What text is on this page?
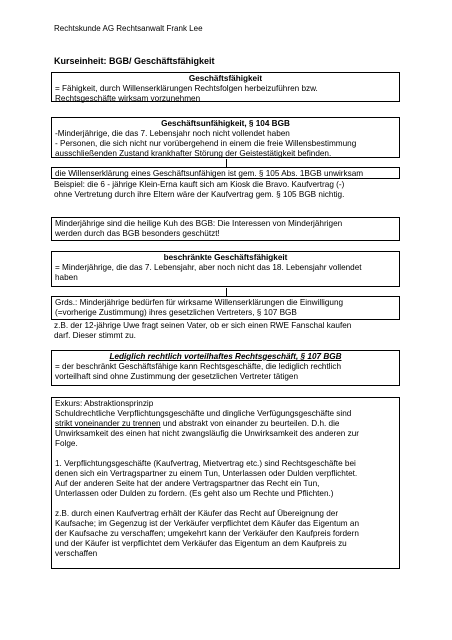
Rechtskunde AG Rechtsanwalt Frank Lee
Kurseinheit: BGB/ Geschäftsfähigkeit
Geschäftsfähigkeit
= Fähigkeit, durch Willenserklärungen Rechtsfolgen herbeizuführen bzw.
Rechtsgeschäfte wirksam vorzunehmen
Geschäftsunfähigkeit, § 104 BGB
-Minderjährige, die das 7. Lebensjahr noch nicht vollendet haben
- Personen, die sich nicht nur vorübergehend in einem die freie Willensbestimmung
ausschließenden Zustand krankhafter Störung der Geistestätigkeit befinden.
die Willenserklärung eines Geschäftsunfähigen ist gem. § 105 Abs. 1BGB unwirksam
Beispiel: die 6 - jährige Klein-Erna kauft sich am Kiosk die Bravo. Kaufvertrag (-)
ohne Vertretung durch ihre Eltern wäre der Kaufvertrag gem. § 105 BGB nichtig.
Minderjährige sind die heilige Kuh des BGB: Die Interessen von Minderjährigen
werden durch das BGB besonders geschützt!
beschränkte Geschäftsfähigkeit
= Minderjährige, die das 7. Lebensjahr, aber noch nicht das 18. Lebensjahr vollendet
haben
Grds.: Minderjährige bedürfen für wirksame Willenserklärungen die Einwilligung
(=vorherige Zustimmung) ihres gesetzlichen Vertreters, § 107 BGB
z.B. der 12-jährige Uwe fragt seinen Vater, ob er sich einen RWE Fanschal kaufen
darf. Dieser stimmt zu.
Lediglich rechtlich vorteilhaftes Rechtsgeschäft, § 107 BGB
= der beschränkt Geschäftsfähige kann Rechtsgeschäfte, die lediglich rechtlich
vorteilhaft sind ohne Zustimmung der gesetzlichen Vertreter tätigen
Exkurs: Abstraktionsprinzip
Schuldrechtliche Verpflichtungsgeschäfte und dingliche Verfügungsgeschäfte sind
strikt voneinander zu trennen und abstrakt von einander zu beurteilen. D.h. die
Unwirksamkeit des einen hat nicht zwangsläufig die Unwirksamkeit des anderen zur
Folge.
1. Verpflichtungsgeschäfte (Kaufvertrag, Mietvertrag etc.) sind Rechtsgeschäfte bei
denen sich ein Vertragspartner zu einem Tun, Unterlassen oder Dulden verpflichtet.
Auf der anderen Seite hat der andere Vertragspartner das Recht ein Tun,
Unterlassen oder Dulden zu fordern. (Es geht also um Rechte und Pflichten.)
z.B. durch einen Kaufvertrag erhält der Käufer das Recht auf Übereignung der
Kaufsache; im Gegenzug ist der Verkäufer verpflichtet dem Käufer das Eigentum an
der Kaufsache zu verschaffen; umgekehrt kann der Verkäufer den Kaufpreis fordern
und der Käufer ist verpflichtet dem Verkäufer das Eigentum an dem Kaufpreis zu
verschaffen
